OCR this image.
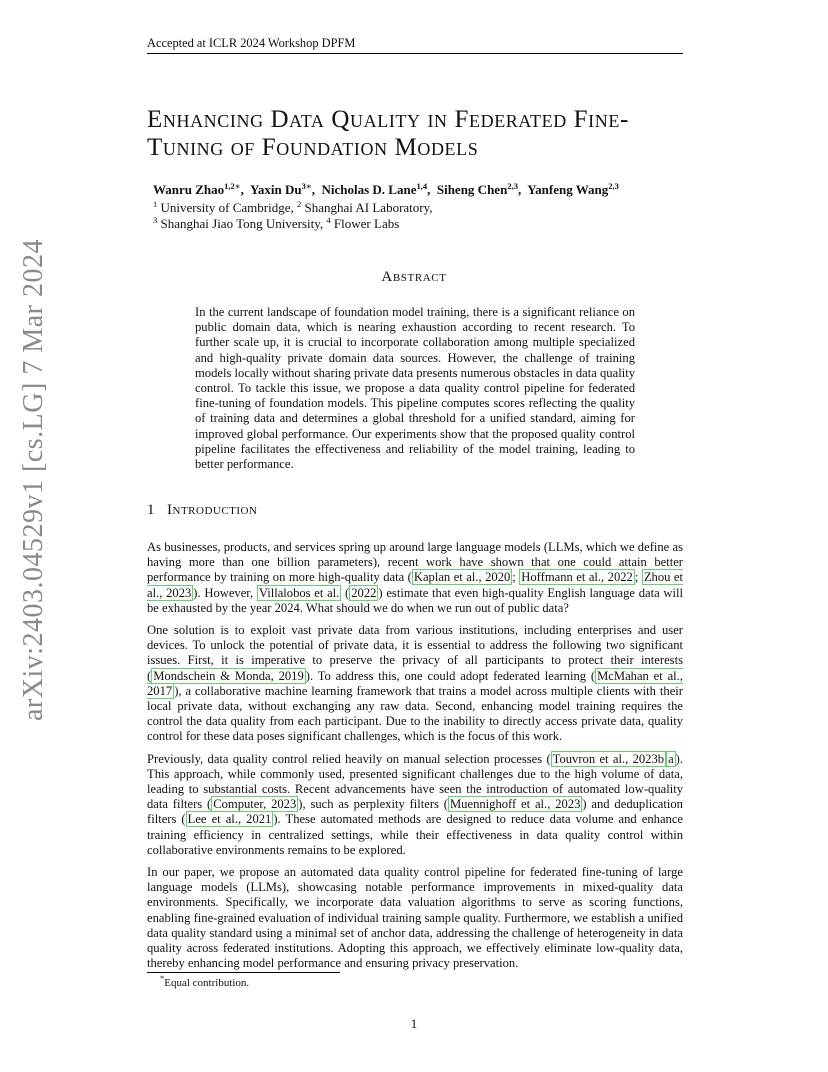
arXiv:2403.04529v1 [cs.LG] 7 Mar 2024
Accepted at ICLR 2024 Workshop DPFM
Enhancing Data Quality in Federated Fine-
Tuning of Foundation Models
Wanru Zhao$^{1,2∗}$,  Yaxin $Du^{3∗}$,  Nicholas D. Lane$^{1,4}$,  Siheng Chen$^{2,3}$,  Yanfeng Wang$^{2,3}$
$^1$ University of Cambridge, $^2$ Shanghai AI Laboratory,
$^3$ Shanghai Jiao Tong University, $^4$ Flower Labs
Abstract
In the current landscape of foundation model training, there is a significant reliance on public domain data, which is nearing exhaustion according to recent research. To further scale up, it is crucial to incorporate collaboration among multiple specialized and high-quality private domain data sources. However, the challenge of training models locally without sharing private data presents numerous obstacles in data quality control. To tackle this issue, we propose a data quality control pipeline for federated fine-tuning of foundation models. This pipeline computes scores reflecting the quality of training data and determines a global threshold for a unified standard, aiming for improved global performance. Our experiments show that the proposed quality control pipeline facilitates the effectiveness and reliability of the model training, leading to better performance.
1 Introduction

As businesses, products, and services spring up around large language models (LLMs, which we define as having more than one billion parameters), recent work have shown that one could attain better performance by training on more high-quality data ( Kaplan et al., 2020 ; Hoffmann et al., 2022 ; Zhou et al., 2023 ). However, Villalobos et al. ( 2022 ) estimate that even high-quality English language data will be exhausted by the year 2024. What should we do when we run out of public data?

One solution is to exploit vast private data from various institutions, including enterprises and user devices. To unlock the potential of private data, it is essential to address the following two significant issues. First, it is imperative to preserve the privacy of all participants to protect their interests ( Mondschein & Monda, 2019 ). To address this, one could adopt federated learning ( McMahan et al., 2017 ), a collaborative machine learning framework that trains a model across multiple clients with their local private data, without exchanging any raw data. Second, enhancing model training requires the control the data quality from each participant. Due to the inability to directly access private data, quality control for these data poses significant challenges, which is the focus of this work.

Previously, data quality control relied heavily on manual selection processes ( Touvron et al., 2023b a ). This approach, while commonly used, presented significant challenges due to the high volume of data, leading to substantial costs. Recent advancements have seen the introduction of automated low-quality data filters ( Computer, 2023 ), such as perplexity filters ( Muennighoff et al., 2023 ) and deduplication filters ( Lee et al., 2021 ). These automated methods are designed to reduce data volume and enhance training efficiency in centralized settings, while their effectiveness in data quality control within collaborative environments remains to be explored.

In our paper, we propose an automated data quality control pipeline for federated fine-tuning of large language models (LLMs), showcasing notable performance improvements in mixed-quality data environments. Specifically, we incorporate data valuation algorithms to serve as scoring functions, enabling fine-grained evaluation of individual training sample quality. Furthermore, we establish a unified data quality standard using a minimal set of anchor data, addressing the challenge of heterogeneity in data quality across federated institutions. Adopting this approach, we effectively eliminate low-quality data, thereby enhancing model performance and ensuring privacy preservation.

*Equal contribution.
1
